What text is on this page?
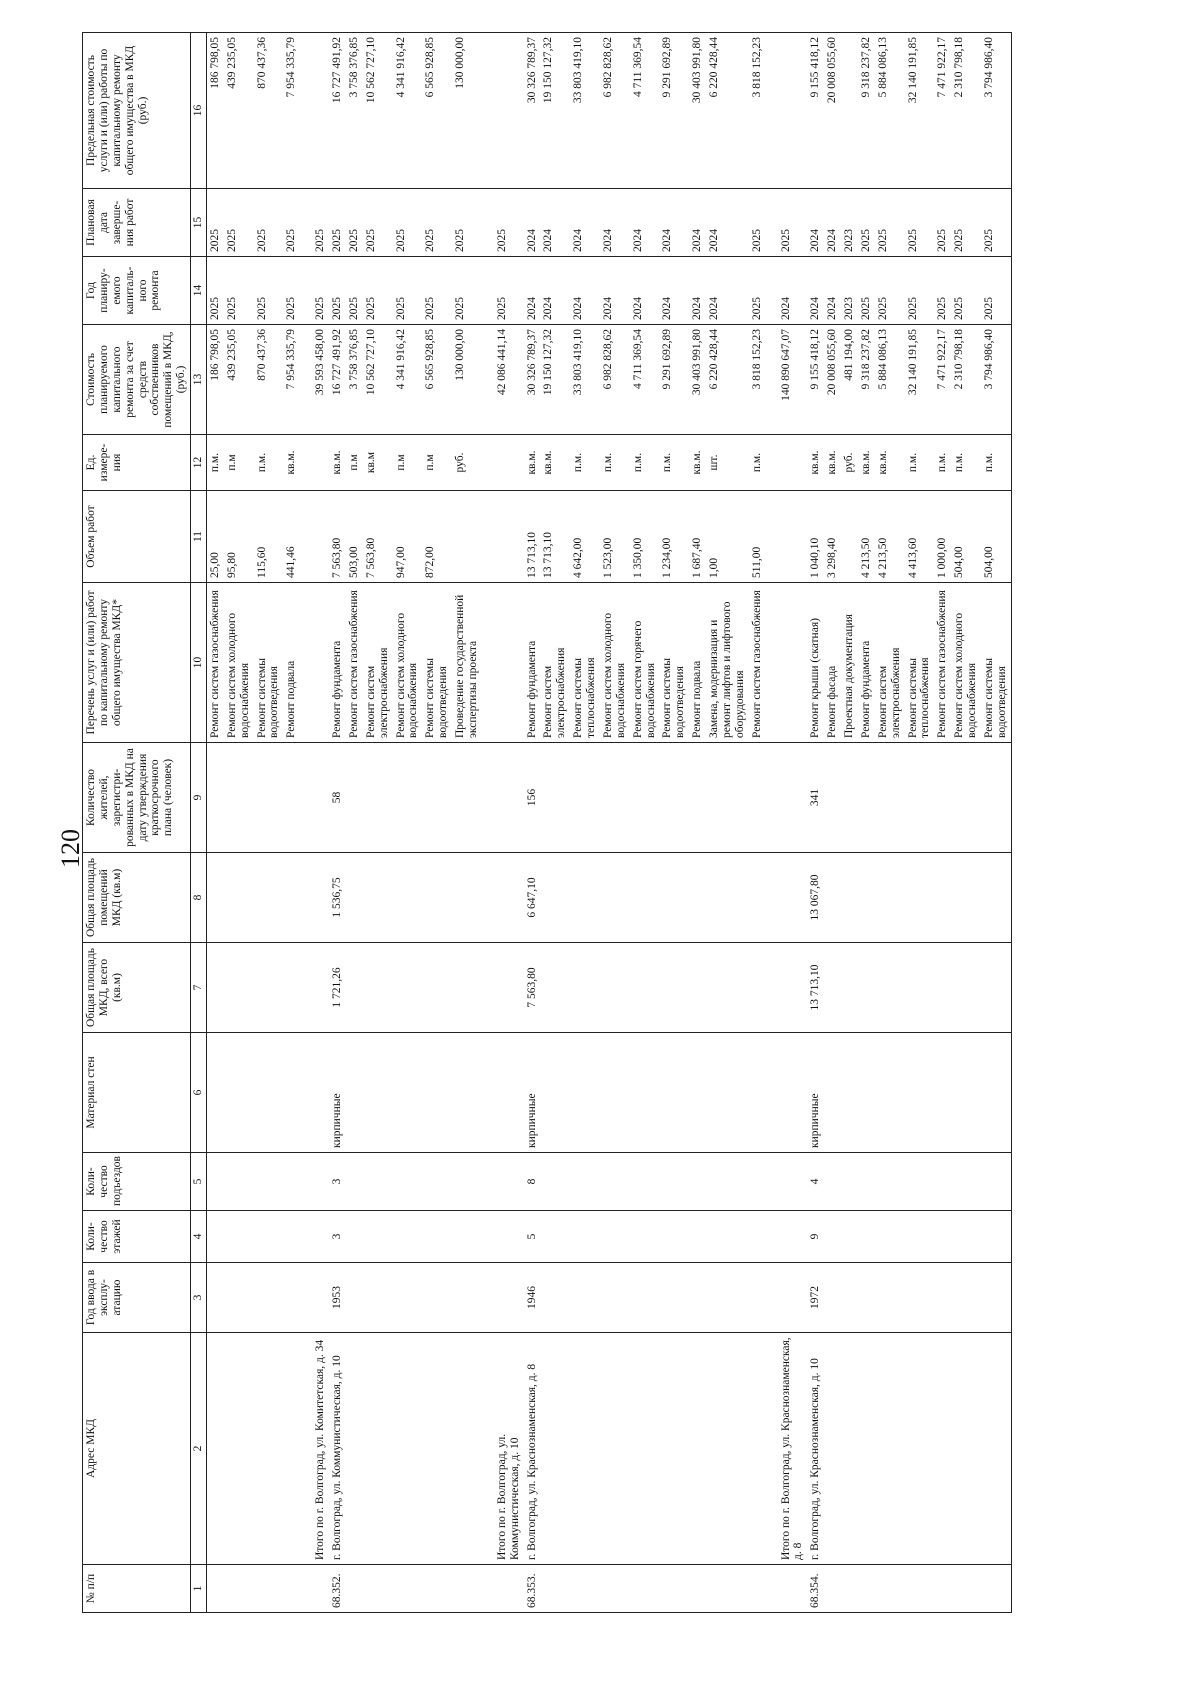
120
№ п/п	Адрес МКД	Год ввода в эксплу-атацию	Коли-чество этажей	Коли-чество подъездов	Материал стен	Общая площадь МКД, всего (кв.м)	Общая площадь помещений МКД (кв.м)	Количество жителей, зарегистри-рованных в МКД на дату утверждения краткосрочного плана (человек)	Перечень услуг и (или) работ по капитальному ремонту общего имущества МКД*	Объем работ	Ед. измере-ния	Стоимость планируемого капитального ремонта за счет средств собственников помещений в МКД, (руб.)	Год планиру-емого капиталь-ного ремонта	Плановая дата заверше-ния работ	Предельная стоимость услуги и (или) работы по капитальному ремонту общего имущества в МКД (руб.)
1	2	3	4	5	6	7	8	9	10	11	12	13	14	15	16
									Ремонт систем газоснабжения	25,00	п.м.	186 798,05	2025	2025	186 798,05
									Ремонт систем холодного водоснабжения	95,80	п.м	439 235,05	2025	2025	439 235,05
									Ремонт системы водоотведения	115,60	п.м.	870 437,36	2025	2025	870 437,36
									Ремонт подвала	441,46	кв.м.	7 954 335,79	2025	2025	7 954 335,79
	Итого по г. Волгоград, ул. Комитетская, д. 34											39 593 458,00	2025	2025	
68.352.	г. Волгоград, ул. Коммунистическая, д. 10	1953	3	3	кирпичные	1 721,26	1 536,75	58	Ремонт фундамента	7 563,80	кв.м.	16 727 491,92	2025	2025	16 727 491,92
									Ремонт систем газоснабжения	503,00	п.м	3 758 376,85	2025	2025	3 758 376,85
									Ремонт систем электроснабжения	7 563,80	кв.м	10 562 727,10	2025	2025	10 562 727,10
									Ремонт систем холодного водоснабжения	947,00	п.м	4 341 916,42	2025	2025	4 341 916,42
									Ремонт системы водоотведения	872,00	п.м	6 565 928,85	2025	2025	6 565 928,85
									Проведение государственной экспертизы проекта		руб.	130 000,00	2025	2025	130 000,00
	Итого по г. Волгоград, ул. Коммунистическая, д. 10											42 086 441,14	2025	2025	
68.353.	г. Волгоград, ул. Краснознаменская, д. 8	1946	5	8	кирпичные	7 563,80	6 647,10	156	Ремонт фундамента	13 713,10	кв.м.	30 326 789,37	2024	2024	30 326 789,37
									Ремонт систем электроснабжения	13 713,10	кв.м.	19 150 127,32	2024	2024	19 150 127,32
									Ремонт системы теплоснабжения	4 642,00	п.м.	33 803 419,10	2024	2024	33 803 419,10
									Ремонт систем холодного водоснабжения	1 523,00	п.м.	6 982 828,62	2024	2024	6 982 828,62
									Ремонт систем горячего водоснабжения	1 350,00	п.м.	4 711 369,54	2024	2024	4 711 369,54
									Ремонт системы водоотведения	1 234,00	п.м.	9 291 692,89	2024	2024	9 291 692,89
									Ремонт подвала	1 687,40	кв.м.	30 403 991,80	2024	2024	30 403 991,80
									Замена, модернизация и ремонт лифтов и лифтового оборудования	1,00	шт.	6 220 428,44	2024	2024	6 220 428,44
									Ремонт систем газоснабжения	511,00	п.м.	3 818 152,23	2025	2025	3 818 152,23
	Итого по г. Волгоград, ул. Краснознаменская, д. 8											140 890 647,07	2024	2025	
68.354.	г. Волгоград, ул. Краснознаменская, д. 10	1972	9	4	кирпичные	13 713,10	13 067,80	341	Ремонт крыши (скатная)	1 040,10	кв.м.	9 155 418,12	2024	2024	9 155 418,12
									Ремонт фасада	3 298,40	кв.м.	20 008 055,60	2024	2024	20 008 055,60
									Проектная документация		руб.	481 194,00	2023	2023	
									Ремонт фундамента	4 213,50	кв.м.	9 318 237,82	2025	2025	9 318 237,82
									Ремонт систем электроснабжения	4 213,50	кв.м.	5 884 086,13	2025	2025	5 884 086,13
									Ремонт системы теплоснабжения	4 413,60	п.м.	32 140 191,85	2025	2025	32 140 191,85
									Ремонт систем газоснабжения	1 000,00	п.м.	7 471 922,17	2025	2025	7 471 922,17
									Ремонт систем холодного водоснабжения	504,00	п.м.	2 310 798,18	2025	2025	2 310 798,18
									Ремонт системы водоотведения	504,00	п.м.	3 794 986,40	2025	2025	3 794 986,40
